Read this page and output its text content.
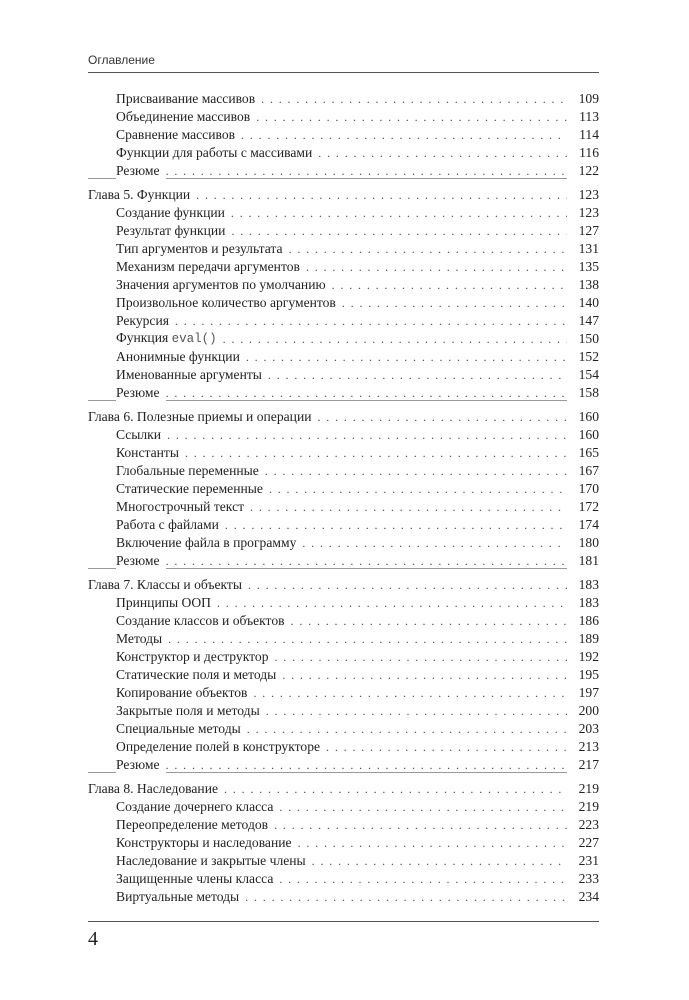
Оглавление
Присваивание массивов . . .	109
Объединение массивов . . .	113
Сравнение массивов . . .	114
Функции для работы с массивами . . .	116
Резюме . . .	122
Глава 5. Функции . . .	123
Создание функции . . .	123
Результат функции . . .	127
Тип аргументов и результата . . .	131
Механизм передачи аргументов . . .	135
Значения аргументов по умолчанию . . .	138
Произвольное количество аргументов . . .	140
Рекурсия . . .	147
Функция eval() . . .	150
Анонимные функции . . .	152
Именованные аргументы . . .	154
Резюме . . .	158
Глава 6. Полезные приемы и операции . . .	160
Ссылки . . .	160
Константы . . .	165
Глобальные переменные . . .	167
Статические переменные . . .	170
Многострочный текст . . .	172
Работа с файлами . . .	174
Включение файла в программу . . .	180
Резюме . . .	181
Глава 7. Классы и объекты . . .	183
Принципы ООП . . .	183
Создание классов и объектов . . .	186
Методы . . .	189
Конструктор и деструктор . . .	192
Статические поля и методы . . .	195
Копирование объектов . . .	197
Закрытые поля и методы . . .	200
Специальные методы . . .	203
Определение полей в конструкторе . . .	213
Резюме . . .	217
Глава 8. Наследование . . .	219
Создание дочернего класса . . .	219
Переопределение методов . . .	223
Конструкторы и наследование . . .	227
Наследование и закрытые члены . . .	231
Защищенные члены класса . . .	233
Виртуальные методы . . .	234
4
